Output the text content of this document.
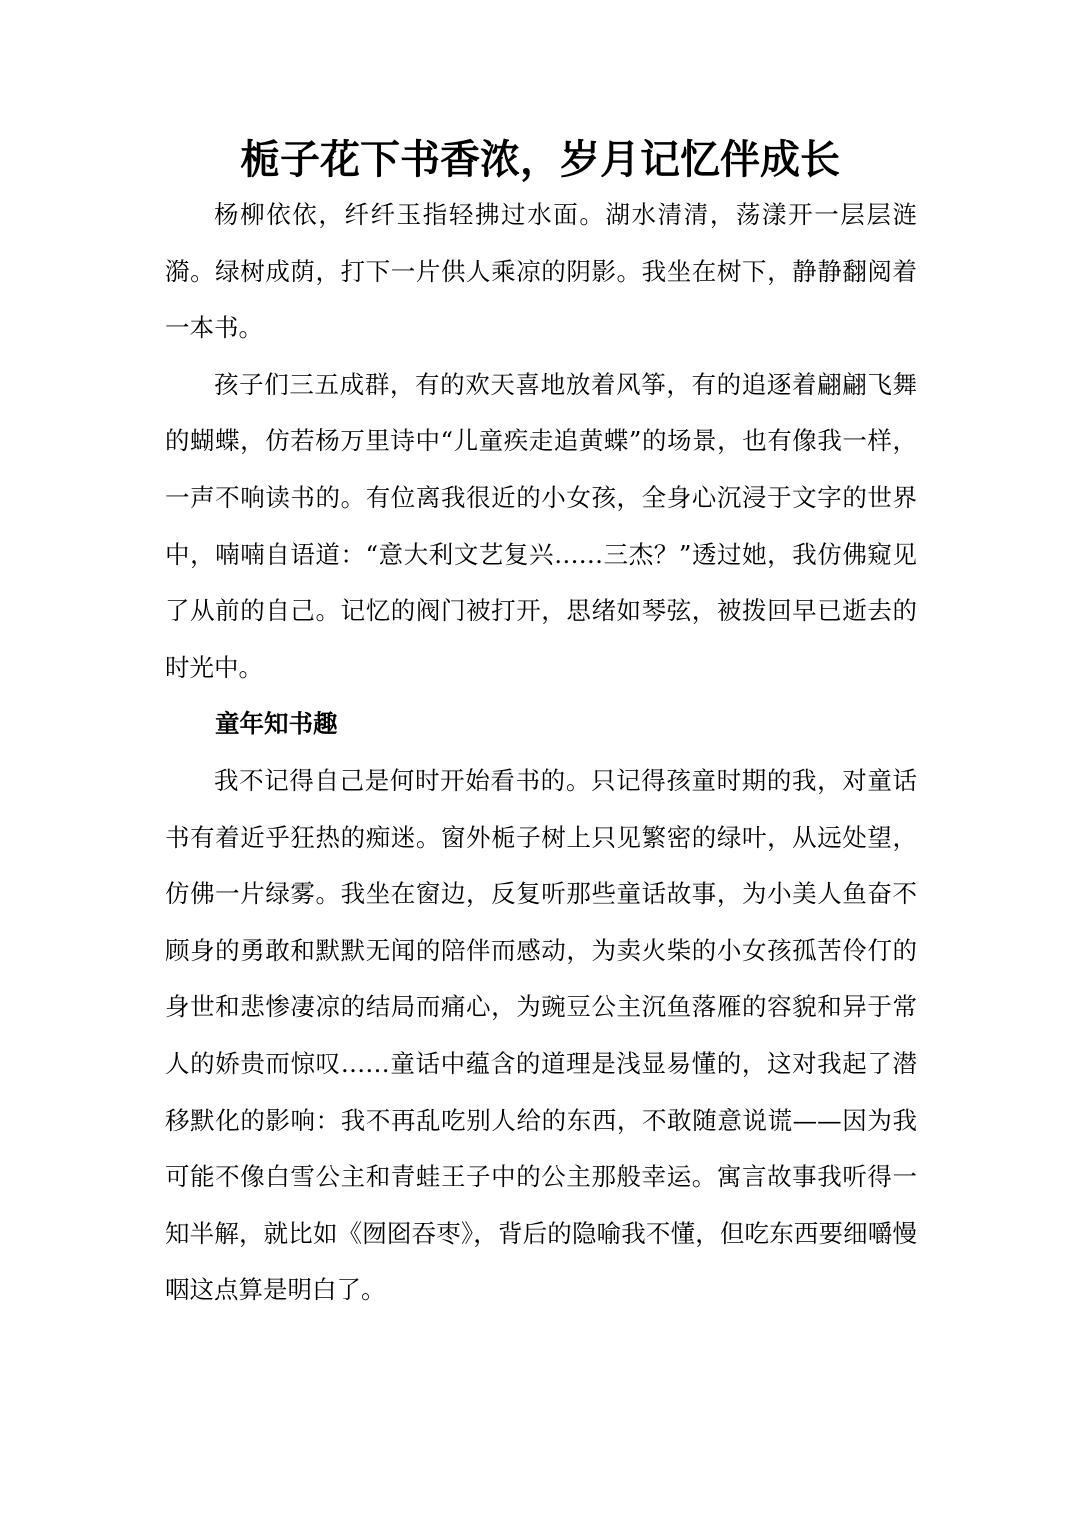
栀子花下书香浓，岁月记忆伴成长

杨柳依依，纤纤玉指轻拂过水面。湖水清清，荡漾开一层层涟漪。绿树成荫，打下一片供人乘凉的阴影。我坐在树下，静静翻阅着一本书。

孩子们三五成群，有的欢天喜地放着风筝，有的追逐着翩翩飞舞的蝴蝶，仿若杨万里诗中“儿童疾走追黄蝶”的场景，也有像我一样，一声不响读书的。有位离我很近的小女孩，全身心沉浸于文字的世界中，喃喃自语道：“意大利文艺复兴……三杰？”透过她，我仿佛窥见了从前的自己。记忆的阀门被打开，思绪如琴弦，被拨回早已逝去的时光中。

童年知书趣

我不记得自己是何时开始看书的。只记得孩童时期的我，对童话书有着近乎狂热的痴迷。窗外栀子树上只见繁密的绿叶，从远处望，仿佛一片绿雾。我坐在窗边，反复听那些童话故事，为小美人鱼奋不顾身的勇敢和默默无闻的陪伴而感动，为卖火柴的小女孩孤苦伶仃的身世和悲惨凄凉的结局而痛心，为豌豆公主沉鱼落雁的容貌和异于常人的娇贵而惊叹……童话中蕴含的道理是浅显易懂的，这对我起了潜移默化的影响：我不再乱吃别人给的东西，不敢随意说谎——因为我可能不像白雪公主和青蛙王子中的公主那般幸运。寓言故事我听得一知半解，就比如《囫囵吞枣》，背后的隐喻我不懂，但吃东西要细嚼慢咽这点算是明白了。
